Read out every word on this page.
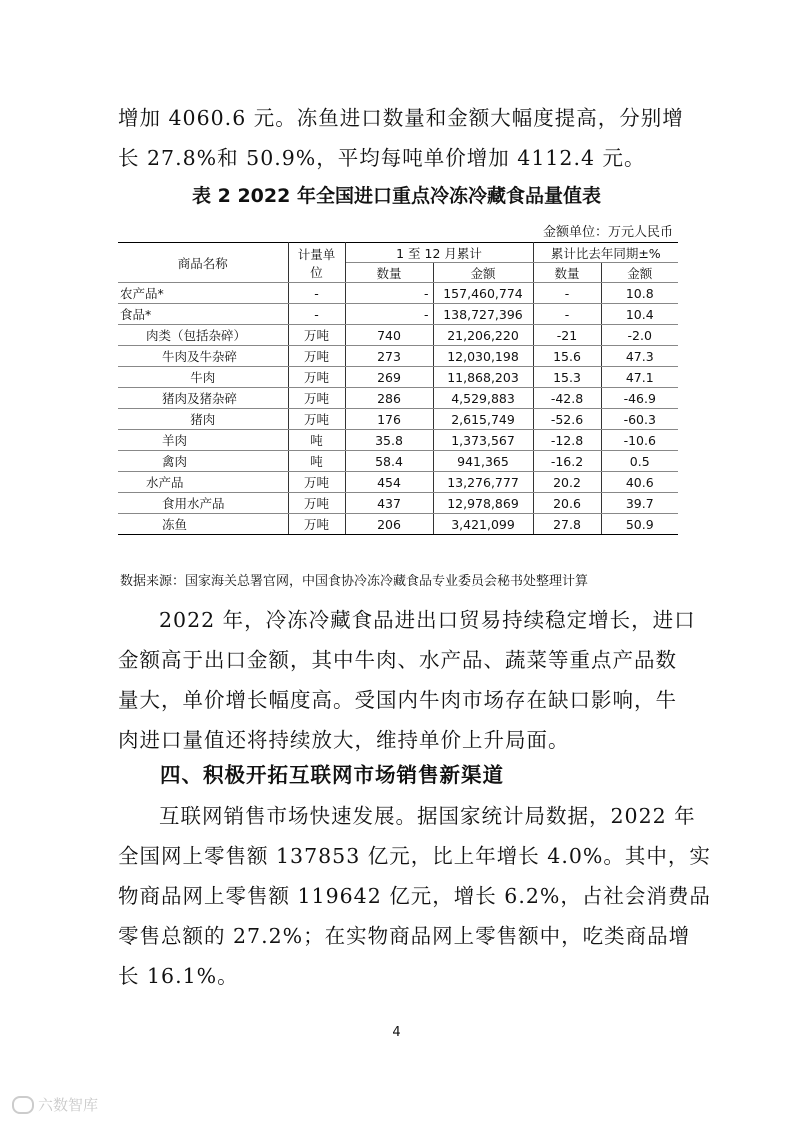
增加 4060.6 元。冻鱼进口数量和金额大幅度提高，分别增
长 27.8%和 50.9%，平均每吨单价增加 4112.4 元。
表 2 2022 年全国进口重点冷冻冷藏食品量值表
金额单位：万元人民币
商品名称	计量单位	1 至 12 月累计		累计比去年同期±%	
		数量	金额	数量	金额
农产品*	-	-	157,460,774	-	10.8
食品*	-	-	138,727,396	-	10.4
肉类（包括杂碎）	万吨	740	21,206,220	-21	-2.0
牛肉及牛杂碎	万吨	273	12,030,198	15.6	47.3
牛肉	万吨	269	11,868,203	15.3	47.1
猪肉及猪杂碎	万吨	286	4,529,883	-42.8	-46.9
猪肉	万吨	176	2,615,749	-52.6	-60.3
羊肉	吨	35.8	1,373,567	-12.8	-10.6
禽肉	吨	58.4	941,365	-16.2	0.5
水产品	万吨	454	13,276,777	20.2	40.6
食用水产品	万吨	437	12,978,869	20.6	39.7
冻鱼	万吨	206	3,421,099	27.8	50.9
数据来源：国家海关总署官网，中国食协冷冻冷藏食品专业委员会秘书处整理计算
2022 年，冷冻冷藏食品进出口贸易持续稳定增长，进口
金额高于出口金额，其中牛肉、水产品、蔬菜等重点产品数
量大，单价增长幅度高。受国内牛肉市场存在缺口影响，牛
肉进口量值还将持续放大，维持单价上升局面。
四、积极开拓互联网市场销售新渠道
互联网销售市场快速发展。据国家统计局数据，2022 年
全国网上零售额 137853 亿元，比上年增长 4.0%。其中，实
物商品网上零售额 119642 亿元，增长 6.2%，占社会消费品
零售总额的 27.2%；在实物商品网上零售额中，吃类商品增
长 16.1%。
4
六数智库
